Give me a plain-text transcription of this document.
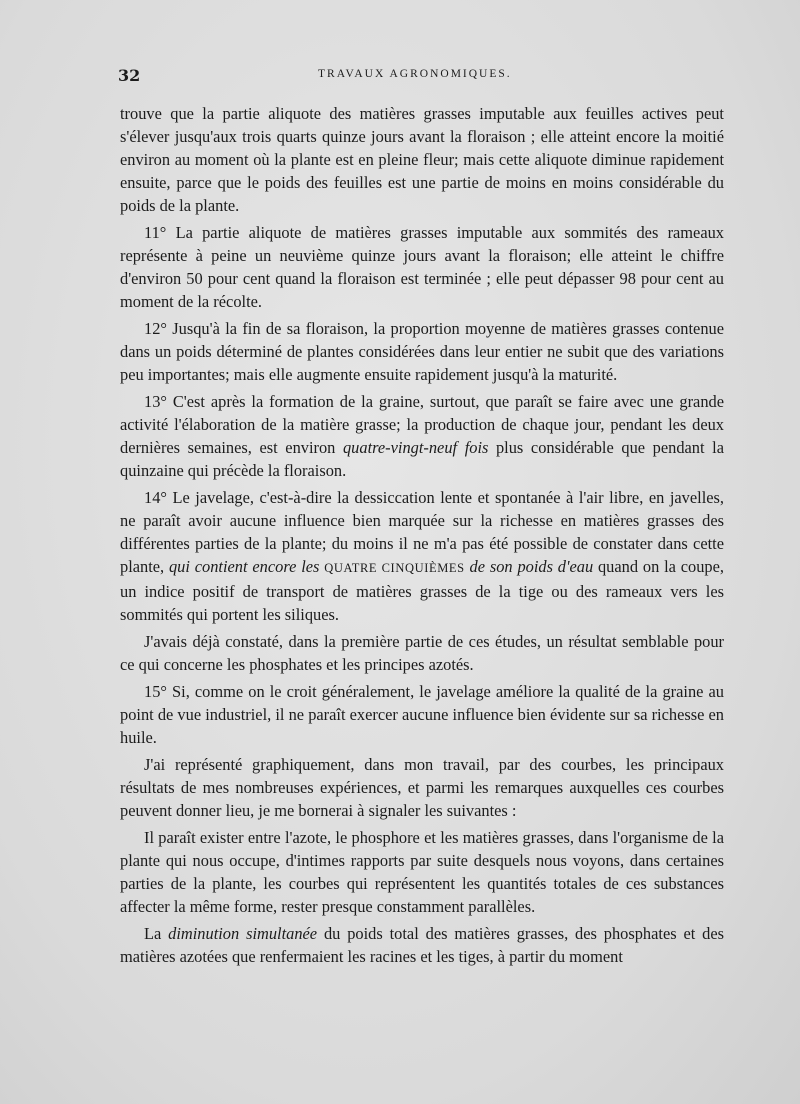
32	TRAVAUX AGRONOMIQUES.

trouve que la partie aliquote des matières grasses imputable aux feuilles actives peut s'élever jusqu'aux trois quarts quinze jours avant la floraison ; elle atteint encore la moitié environ au moment où la plante est en pleine fleur; mais cette aliquote diminue rapidement ensuite, parce que le poids des feuilles est une partie de moins en moins considérable du poids de la plante.

11° La partie aliquote de matières grasses imputable aux sommités des rameaux représente à peine un neuvième quinze jours avant la floraison; elle atteint le chiffre d'environ 50 pour cent quand la floraison est terminée ; elle peut dépasser 98 pour cent au moment de la récolte.

12° Jusqu'à la fin de sa floraison, la proportion moyenne de matières grasses contenue dans un poids déterminé de plantes considérées dans leur entier ne subit que des variations peu importantes; mais elle augmente ensuite rapidement jusqu'à la maturité.

13° C'est après la formation de la graine, surtout, que paraît se faire avec une grande activité l'élaboration de la matière grasse; la production de chaque jour, pendant les deux dernières semaines, est environ quatre-vingt-neuf fois plus considérable que pendant la quinzaine qui précède la floraison.

14° Le javelage, c'est-à-dire la dessiccation lente et spontanée à l'air libre, en javelles, ne paraît avoir aucune influence bien marquée sur la richesse en matières grasses des différentes parties de la plante; du moins il ne m'a pas été possible de constater dans cette plante, qui contient encore les QUATRE CINQUIÈMES de son poids d'eau quand on la coupe, un indice positif de transport de matières grasses de la tige ou des rameaux vers les sommités qui portent les siliques.

J'avais déjà constaté, dans la première partie de ces études, un résultat semblable pour ce qui concerne les phosphates et les principes azotés.

15° Si, comme on le croit généralement, le javelage améliore la qualité de la graine au point de vue industriel, il ne paraît exercer aucune influence bien évidente sur sa richesse en huile.

J'ai représenté graphiquement, dans mon travail, par des courbes, les principaux résultats de mes nombreuses expériences, et parmi les remarques auxquelles ces courbes peuvent donner lieu, je me bornerai à signaler les suivantes :

Il paraît exister entre l'azote, le phosphore et les matières grasses, dans l'organisme de la plante qui nous occupe, d'intimes rapports par suite desquels nous voyons, dans certaines parties de la plante, les courbes qui représentent les quantités totales de ces substances affecter la même forme, rester presque constamment parallèles.

La diminution simultanée du poids total des matières grasses, des phosphates et des matières azotées que renfermaient les racines et les tiges, à partir du moment
